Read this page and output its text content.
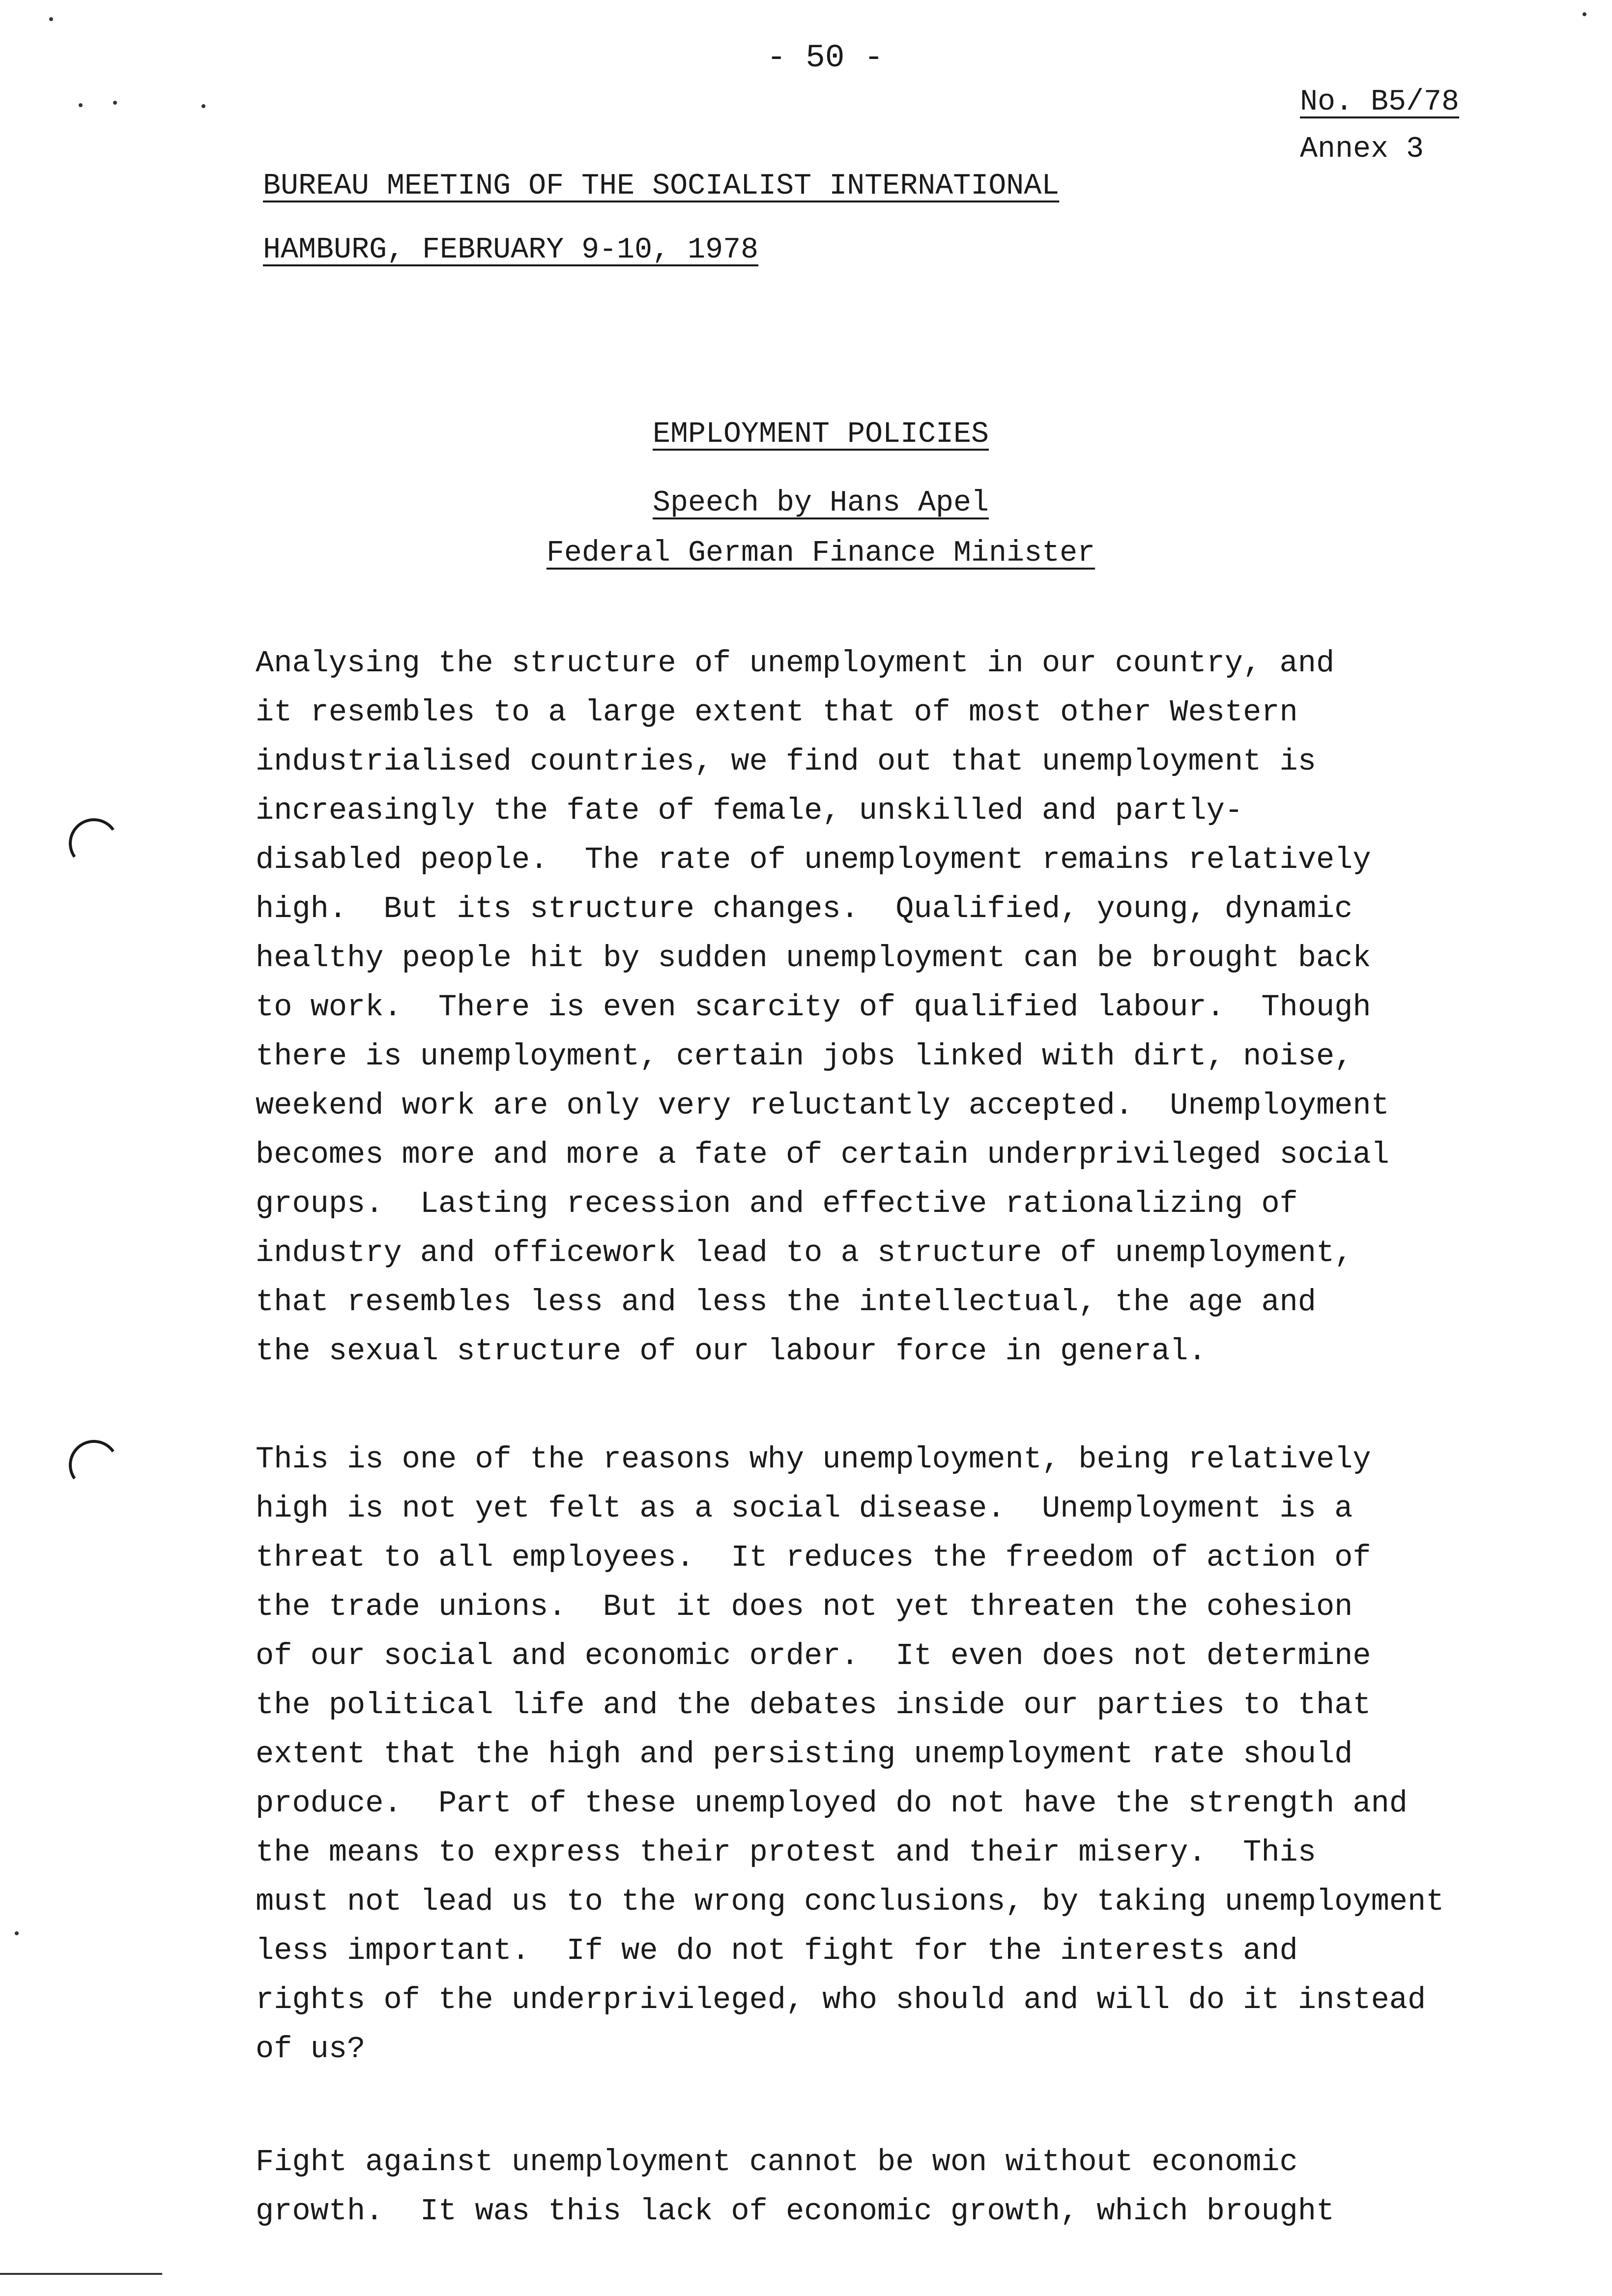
- 50 -
No. B5/78
Annex 3
BUREAU MEETING OF THE SOCIALIST INTERNATIONAL
HAMBURG, FEBRUARY 9-10, 1978
EMPLOYMENT POLICIES
Speech by Hans Apel
Federal German Finance Minister
Analysing the structure of unemployment in our country, and
it resembles to a large extent that of most other Western
industrialised countries, we find out that unemployment is
increasingly the fate of female, unskilled and partly-
disabled people.  The rate of unemployment remains relatively
high.  But its structure changes.  Qualified, young, dynamic
healthy people hit by sudden unemployment can be brought back
to work.  There is even scarcity of qualified labour.  Though
there is unemployment, certain jobs linked with dirt, noise,
weekend work are only very reluctantly accepted.  Unemployment
becomes more and more a fate of certain underprivileged social
groups.  Lasting recession and effective rationalizing of
industry and officework lead to a structure of unemployment,
that resembles less and less the intellectual, the age and
the sexual structure of our labour force in general.
This is one of the reasons why unemployment, being relatively
high is not yet felt as a social disease.  Unemployment is a
threat to all employees.  It reduces the freedom of action of
the trade unions.  But it does not yet threaten the cohesion
of our social and economic order.  It even does not determine
the political life and the debates inside our parties to that
extent that the high and persisting unemployment rate should
produce.  Part of these unemployed do not have the strength and
the means to express their protest and their misery.  This
must not lead us to the wrong conclusions, by taking unemployment
less important.  If we do not fight for the interests and
rights of the underprivileged, who should and will do it instead
of us?
Fight against unemployment cannot be won without economic
growth.  It was this lack of economic growth, which brought
